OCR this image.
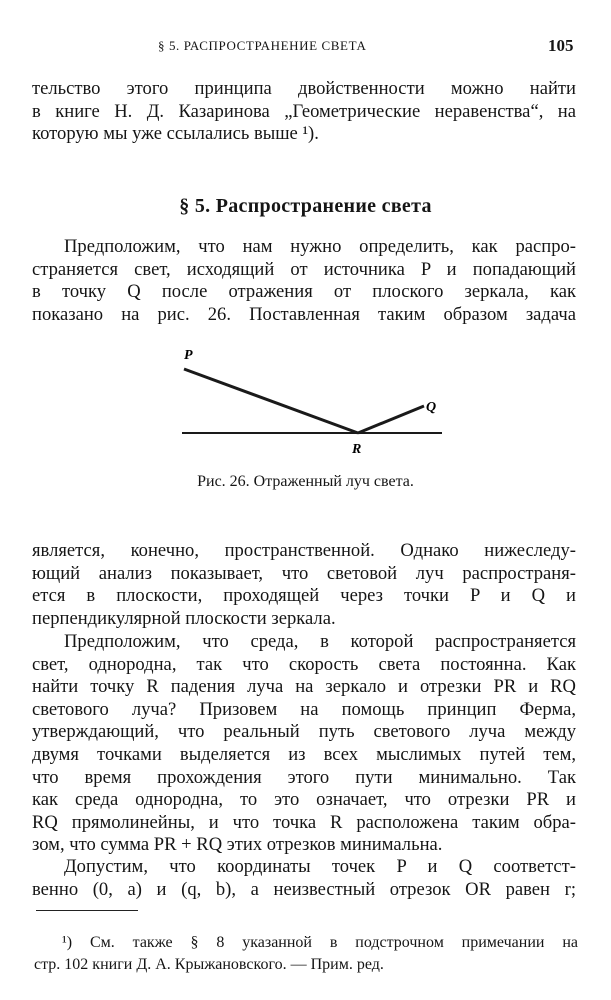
§ 5. РАСПРОСТРАНЕНИЕ СВЕТА	105

тельство этого принципа двойственности можно найти
в книге Н. Д. Казаринова „Геометрические неравенства“, на
которую мы уже ссылались выше ¹).

§ 5. Распространение света

Предположим, что нам нужно определить, как распро-
страняется свет, исходящий от источника P и попадающий
в точку Q после отражения от плоского зеркала, как
показано на рис. 26. Поставленная таким образом задача

P
Q
R
Рис. 26. Отраженный луч света.

является, конечно, пространственной. Однако нижеследу-
ющий анализ показывает, что световой луч распространя-
ется в плоскости, проходящей через точки P и Q и
перпендикулярной плоскости зеркала.

Предположим, что среда, в которой распространяется
свет, однородна, так что скорость света постоянна. Как
найти точку R падения луча на зеркало и отрезки PR и RQ
светового луча? Призовем на помощь принцип Ферма,
утверждающий, что реальный путь светового луча между
двумя точками выделяется из всех мыслимых путей тем,
что время прохождения этого пути минимально. Так
как среда однородна, то это означает, что отрезки PR и
RQ прямолинейны, и что точка R расположена таким обра-
зом, что сумма PR + RQ этих отрезков минимальна.

Допустим, что координаты точек P и Q соответст-
венно (0, a) и (q, b), а неизвестный отрезок OR равен r;

¹) См. также § 8 указанной в подстрочном примечании на
стр. 102 книги Д. А. Крыжановского. — Прим. ред.
